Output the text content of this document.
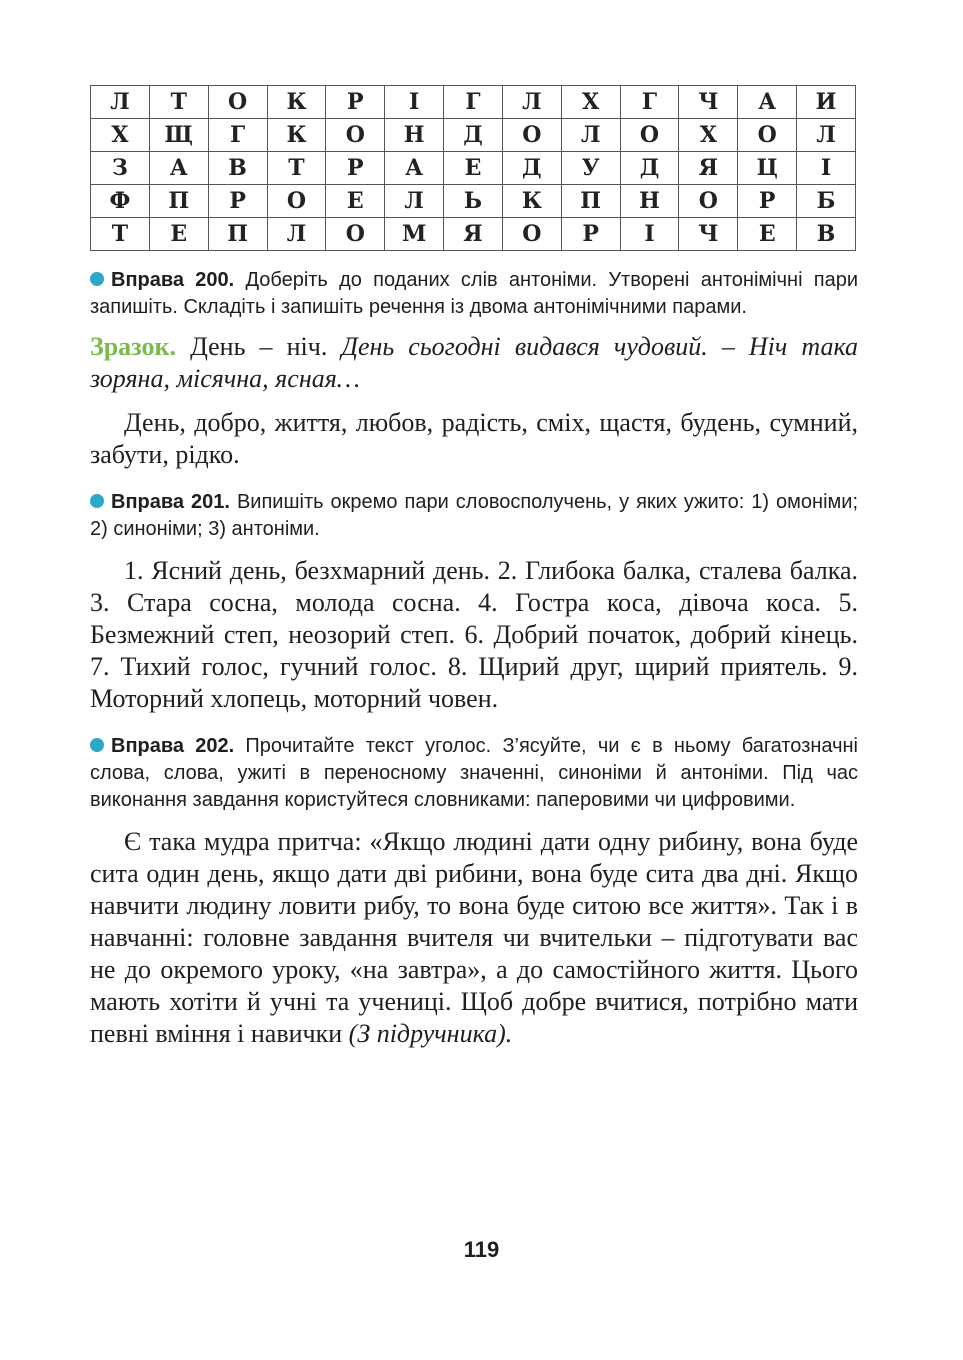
Л	Т	О	К	Р	І	Г	Л	Х	Г	Ч	А	И
Х	Щ	Г	К	О	Н	Д	О	Л	О	Х	О	Л
З	А	В	Т	Р	А	Е	Д	У	Д	Я	Ц	І
Ф	П	Р	О	Е	Л	Ь	К	П	Н	О	Р	Б
Т	Е	П	Л	О	М	Я	О	Р	І	Ч	Е	В

Вправа 200. Доберіть до поданих слів антоніми. Утворені антонімічні пари запишіть. Складіть і запишіть речення із двома антонімічними парами.

Зразок. День – ніч. День сьогодні видався чудовий. – Ніч така зоряна, місячна, ясная…

День, добро, життя, любов, радість, сміх, щастя, будень, сумний, забути, рідко.

Вправа 201. Випишіть окремо пари словосполучень, у яких ужито: 1) омоніми; 2) синоніми; 3) антоніми.

1. Ясний день, безхмарний день. 2. Глибока балка, сталева балка. 3. Стара сосна, молода сосна. 4. Гостра коса, дівоча коса. 5. Безмежний степ, неозорий степ. 6. Добрий початок, добрий кінець. 7. Тихий голос, гучний голос. 8. Щирий друг, щирий приятель. 9. Моторний хлопець, моторний човен.

Вправа 202. Прочитайте текст уголос. З’ясуйте, чи є в ньому багатозначні слова, слова, ужиті в переносному значенні, синоніми й антоніми. Під час виконання завдання користуйтеся словниками: паперовими чи цифровими.

Є така мудра притча: «Якщо людині дати одну рибину, вона буде сита один день, якщо дати дві рибини, вона буде сита два дні. Якщо навчити людину ловити рибу, то вона буде ситою все життя». Так і в навчанні: головне завдання вчителя чи вчительки – підготувати вас не до окремого уроку, «на завтра», а до самостійного життя. Цього мають хотіти й учні та учениці. Щоб добре вчитися, потрібно мати певні вміння і навички (З підручника).

119
